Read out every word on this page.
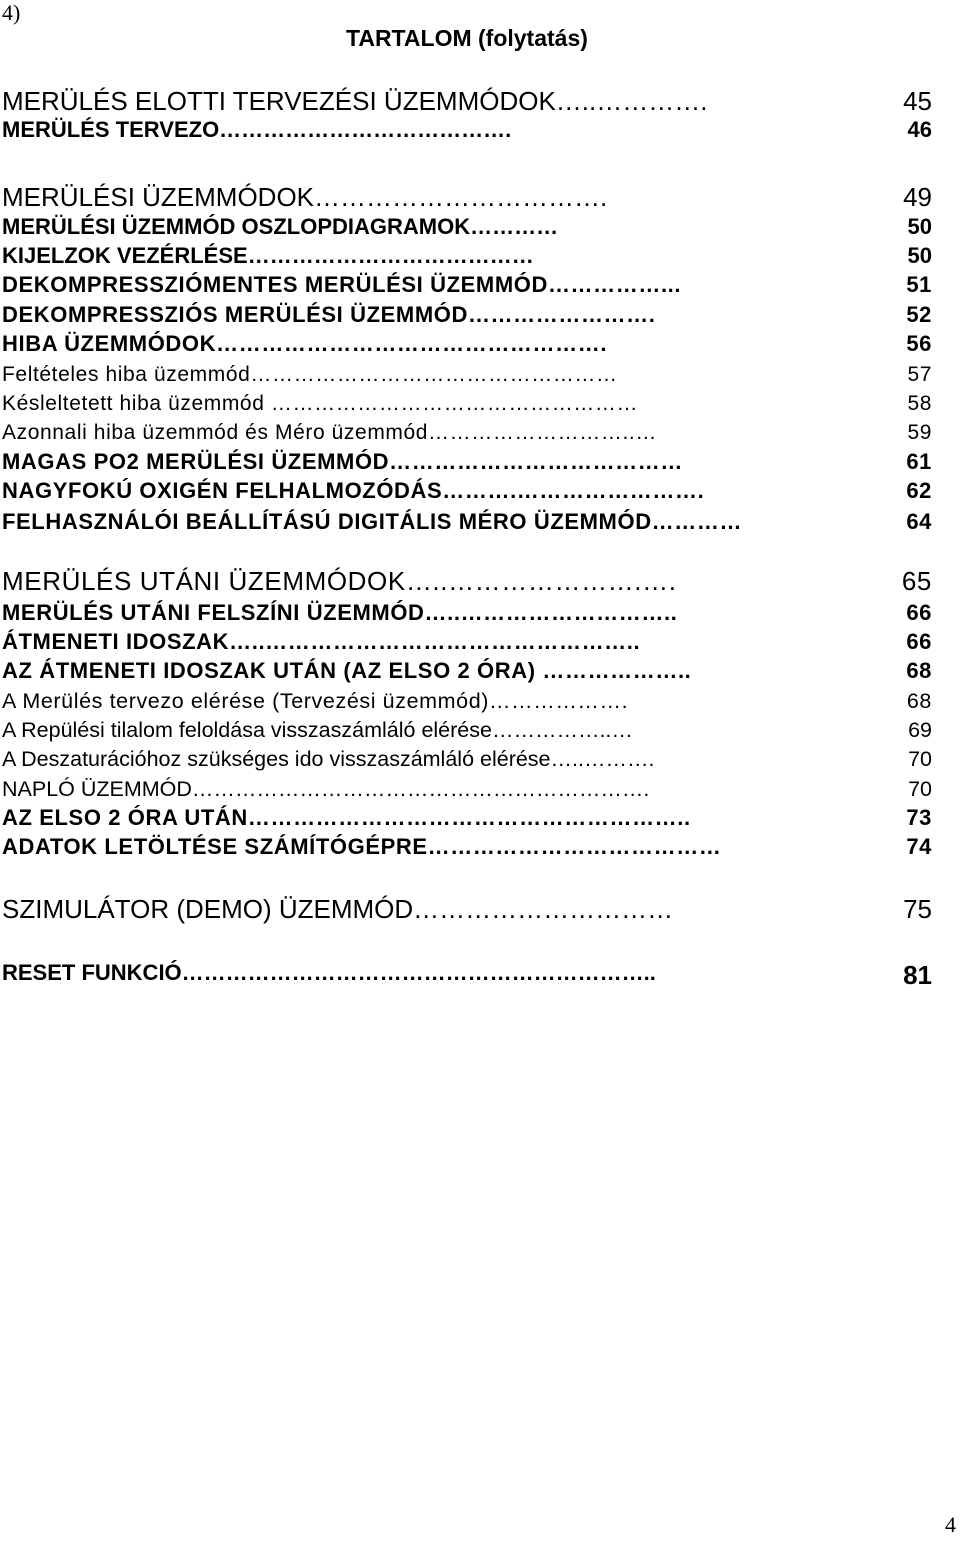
4)
TARTALOM (folytatás)
MERÜLÉS ELOTTI TERVEZÉSI ÜZEMMÓDOK…..………….	45
MERÜLÉS TERVEZO………………………………….	46
MERÜLÉSI ÜZEMMÓDOK…………………………….	49
MERÜLÉSI ÜZEMMÓD OSZLOPDIAGRAMOK…………	50
KIJELZOK VEZÉRLÉSE…………………………………	50
DEKOMPRESSZIÓMENTES MERÜLÉSI ÜZEMMÓD……………...	51
DEKOMPRESSZIÓS MERÜLÉSI ÜZEMMÓD…………………….	52
HIBA ÜZEMMÓDOK…………………………………………….	56
Feltételes hiba üzemmód……………………………………………	57
Késleltetett hiba üzemmód ……………………………………………	58
Azonnali hiba üzemmód és Méro üzemmód………………………..…	59
MAGAS PO2 MERÜLÉSI ÜZEMMÓD…………………………………	61
NAGYFOKÚ OXIGÉN FELHALMOZÓDÁS……….…………………….	62
FELHASZNÁLÓI BEÁLLÍTÁSÚ DIGITÁLIS MÉRO ÜZEMMÓD…………	64
MERÜLÉS UTÁNI ÜZEMMÓDOK…..………………….….	65
MERÜLÉS UTÁNI FELSZÍNI ÜZEMMÓD…..………………………..	66
ÁTMENETI IDOSZAK…..…………………………………………..	66
AZ ÁTMENETI IDOSZAK UTÁN (AZ ELSO 2 ÓRA) ………………..	68
A Merülés tervezo elérése (Tervezési üzemmód)……………….	68
A Repülési tilalom feloldása visszaszámláló elérése……………..…	69
A Deszaturációhoz szükséges ido visszaszámláló elérése…..……….	70
NAPLÓ ÜZEMMÓD……………………………………………………….	70
AZ ELSO 2 ÓRA UTÁN…………………………………………………..	73
ADATOK LETÖLTÉSE SZÁMÍTÓGÉPRE…………………………………	74
SZIMULÁTOR (DEMO) ÜZEMMÓD…………………………	75
RESET FUNKCIÓ………………………………………………………..	81
4
